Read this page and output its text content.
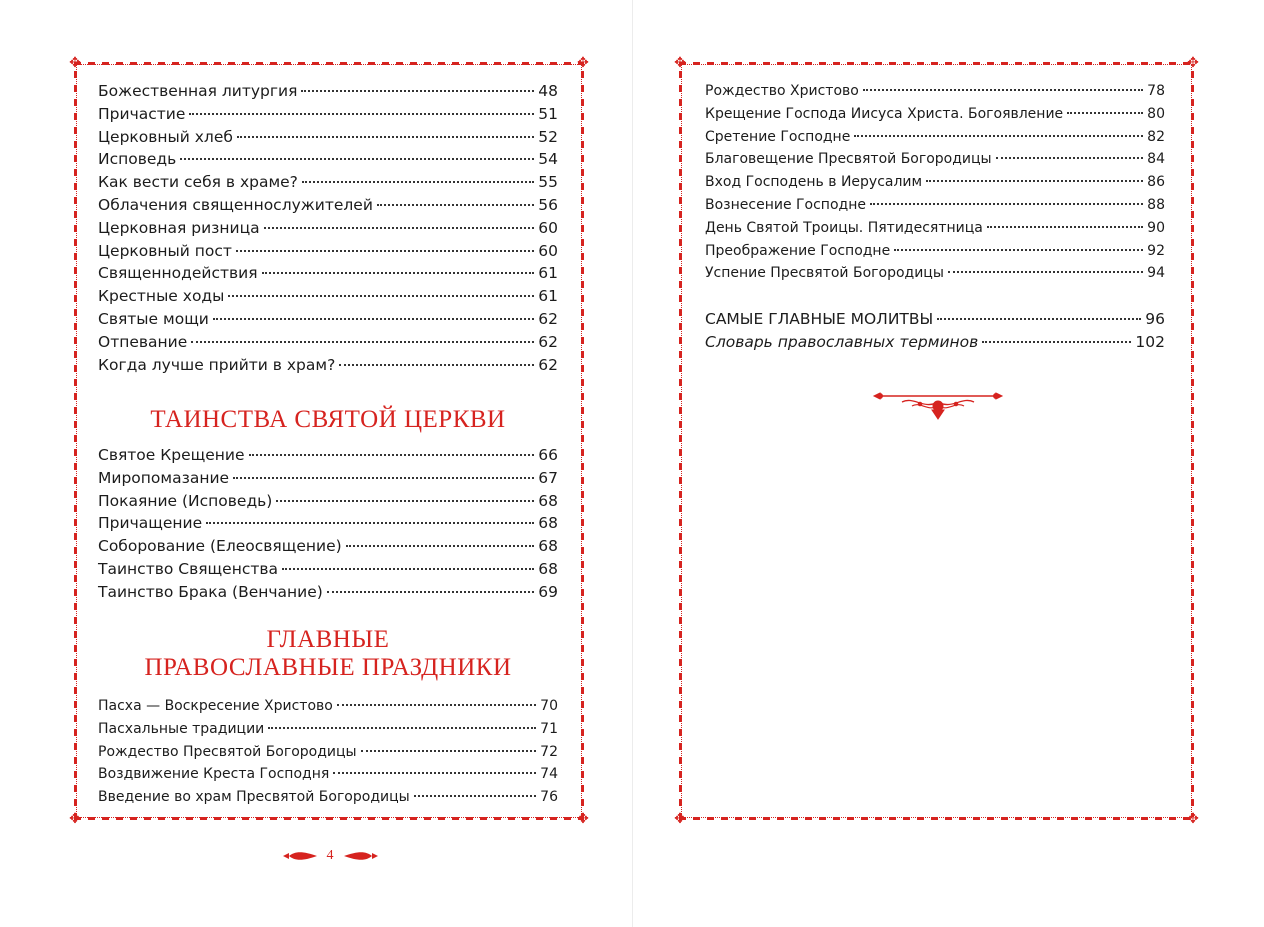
✥	✥
✥	✥
Божественная литургия	48
Причастие	51
Церковный хлеб	52
Исповедь	54
Как вести себя в храме?	55
Облачения священнослужителей	56
Церковная ризница	60
Церковный пост	60
Священнодействия	61
Крестные ходы	61
Святые мощи	62
Отпевание	62
Когда лучше прийти в храм?	62
ТАИНСТВА СВЯТОЙ ЦЕРКВИ
Святое Крещение	66
Миропомазание	67
Покаяние (Исповедь)	68
Причащение	68
Соборование (Елеосвящение)	68
Таинство Священства	68
Таинство Брака (Венчание)	69
ГЛАВНЫЕ
ПРАВОСЛАВНЫЕ ПРАЗДНИКИ
Пасха — Воскресение Христово	70
Пасхальные традиции	71
Рождество Пресвятой Богородицы	72
Воздвижение Креста Господня	74
Введение во храм Пресвятой Богородицы	76
4
✥	✥
✥	✥
Рождество Христово	78
Крещение Господа Иисуса Христа. Богоявление	80
Сретение Господне	82
Благовещение Пресвятой Богородицы	84
Вход Господень в Иерусалим	86
Вознесение Господне	88
День Святой Троицы. Пятидесятница	90
Преображение Господне	92
Успение Пресвятой Богородицы	94
САМЫЕ ГЛАВНЫЕ МОЛИТВЫ	96
Словарь православных терминов	102
